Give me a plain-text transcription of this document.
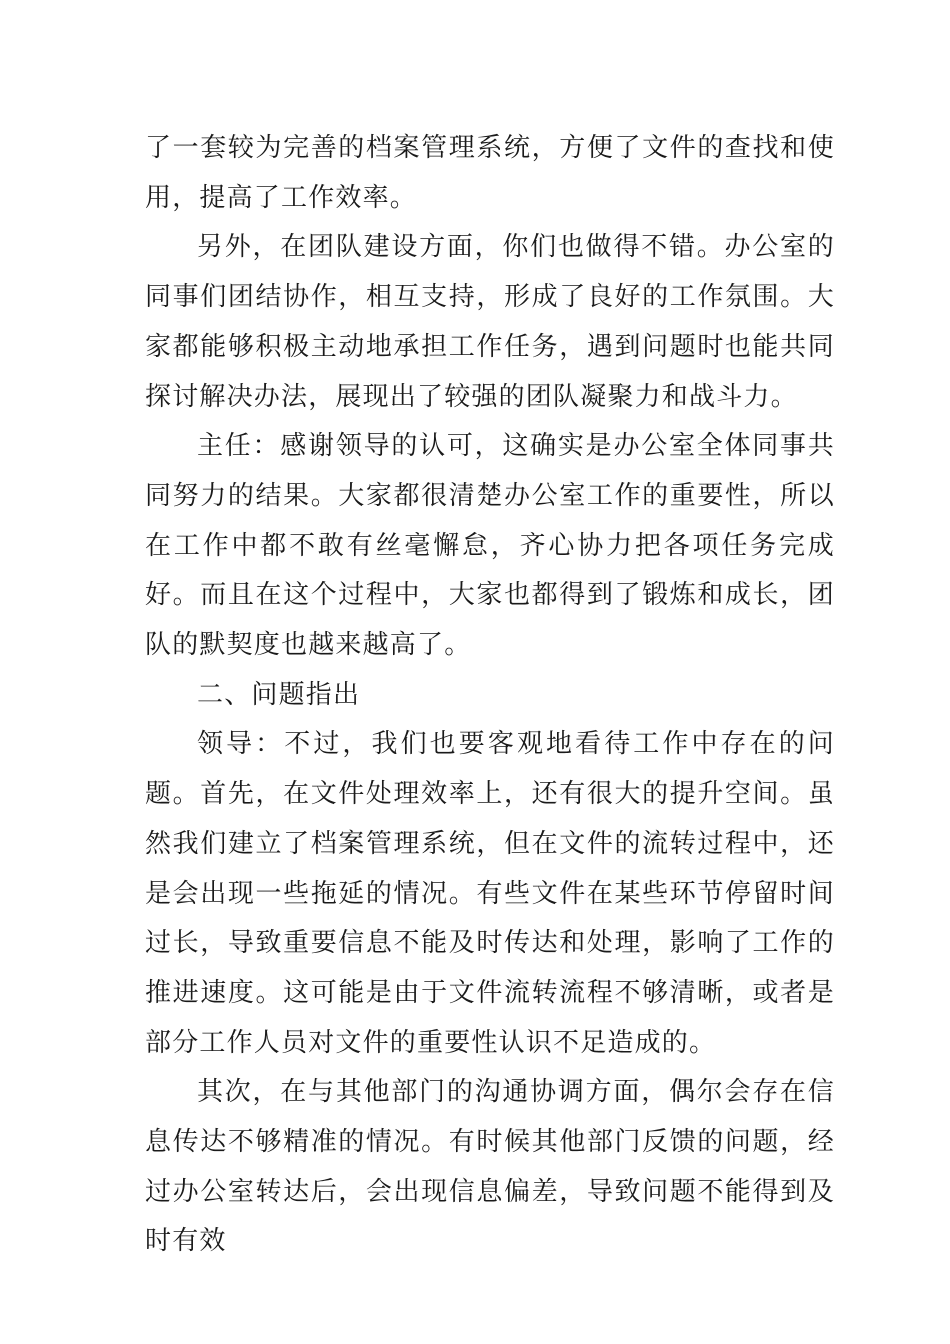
了一套较为完善的档案管理系统，方便了文件的查找和使用，提高了工作效率。

另外，在团队建设方面，你们也做得不错。办公室的同事们团结协作，相互支持，形成了良好的工作氛围。大家都能够积极主动地承担工作任务，遇到问题时也能共同探讨解决办法，展现出了较强的团队凝聚力和战斗力。

主任：感谢领导的认可，这确实是办公室全体同事共同努力的结果。大家都很清楚办公室工作的重要性，所以在工作中都不敢有丝毫懈怠，齐心协力把各项任务完成好。而且在这个过程中，大家也都得到了锻炼和成长，团队的默契度也越来越高了。

二、问题指出

领导：不过，我们也要客观地看待工作中存在的问题。首先，在文件处理效率上，还有很大的提升空间。虽然我们建立了档案管理系统，但在文件的流转过程中，还是会出现一些拖延的情况。有些文件在某些环节停留时间过长，导致重要信息不能及时传达和处理，影响了工作的推进速度。这可能是由于文件流转流程不够清晰，或者是部分工作人员对文件的重要性认识不足造成的。

其次，在与其他部门的沟通协调方面，偶尔会存在信息传达不够精准的情况。有时候其他部门反馈的问题，经过办公室转达后，会出现信息偏差，导致问题不能得到及时有效
